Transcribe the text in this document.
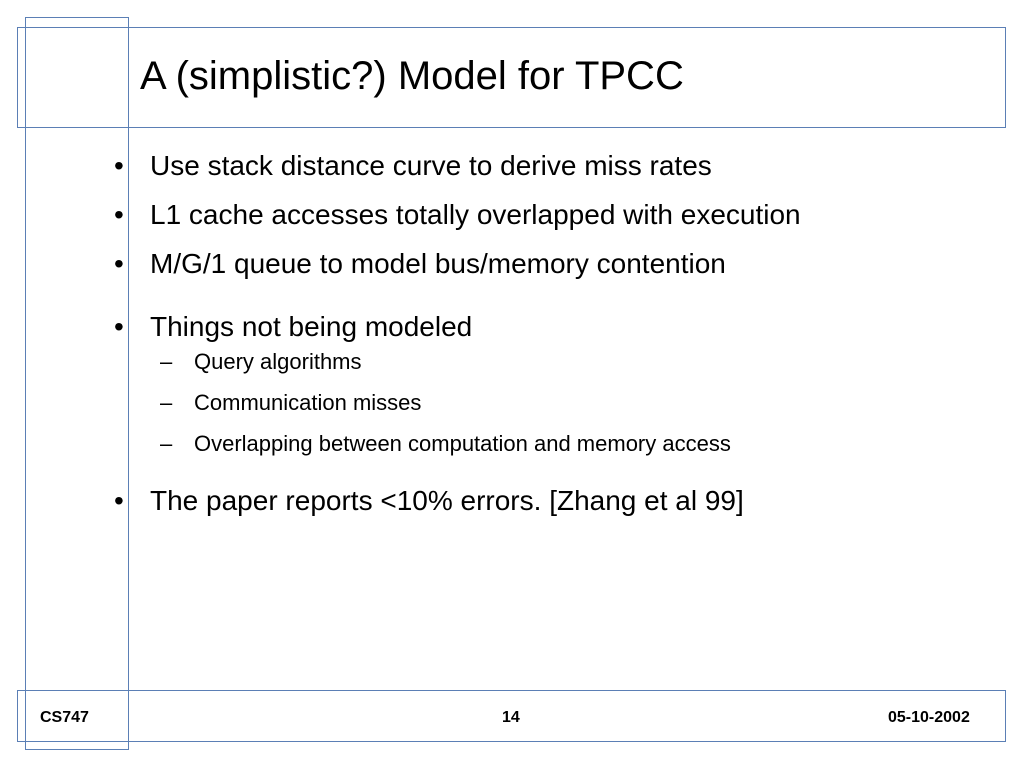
A (simplistic?) Model for TPCC
• Use stack distance curve to derive miss rates
• L1 cache accesses totally overlapped with execution
• M/G/1 queue to model bus/memory contention
• Things not being modeled
– Query algorithms
– Communication misses
– Overlapping between computation and memory access
• The paper reports <10% errors. [Zhang et al 99]
CS747	14	05-10-2002
